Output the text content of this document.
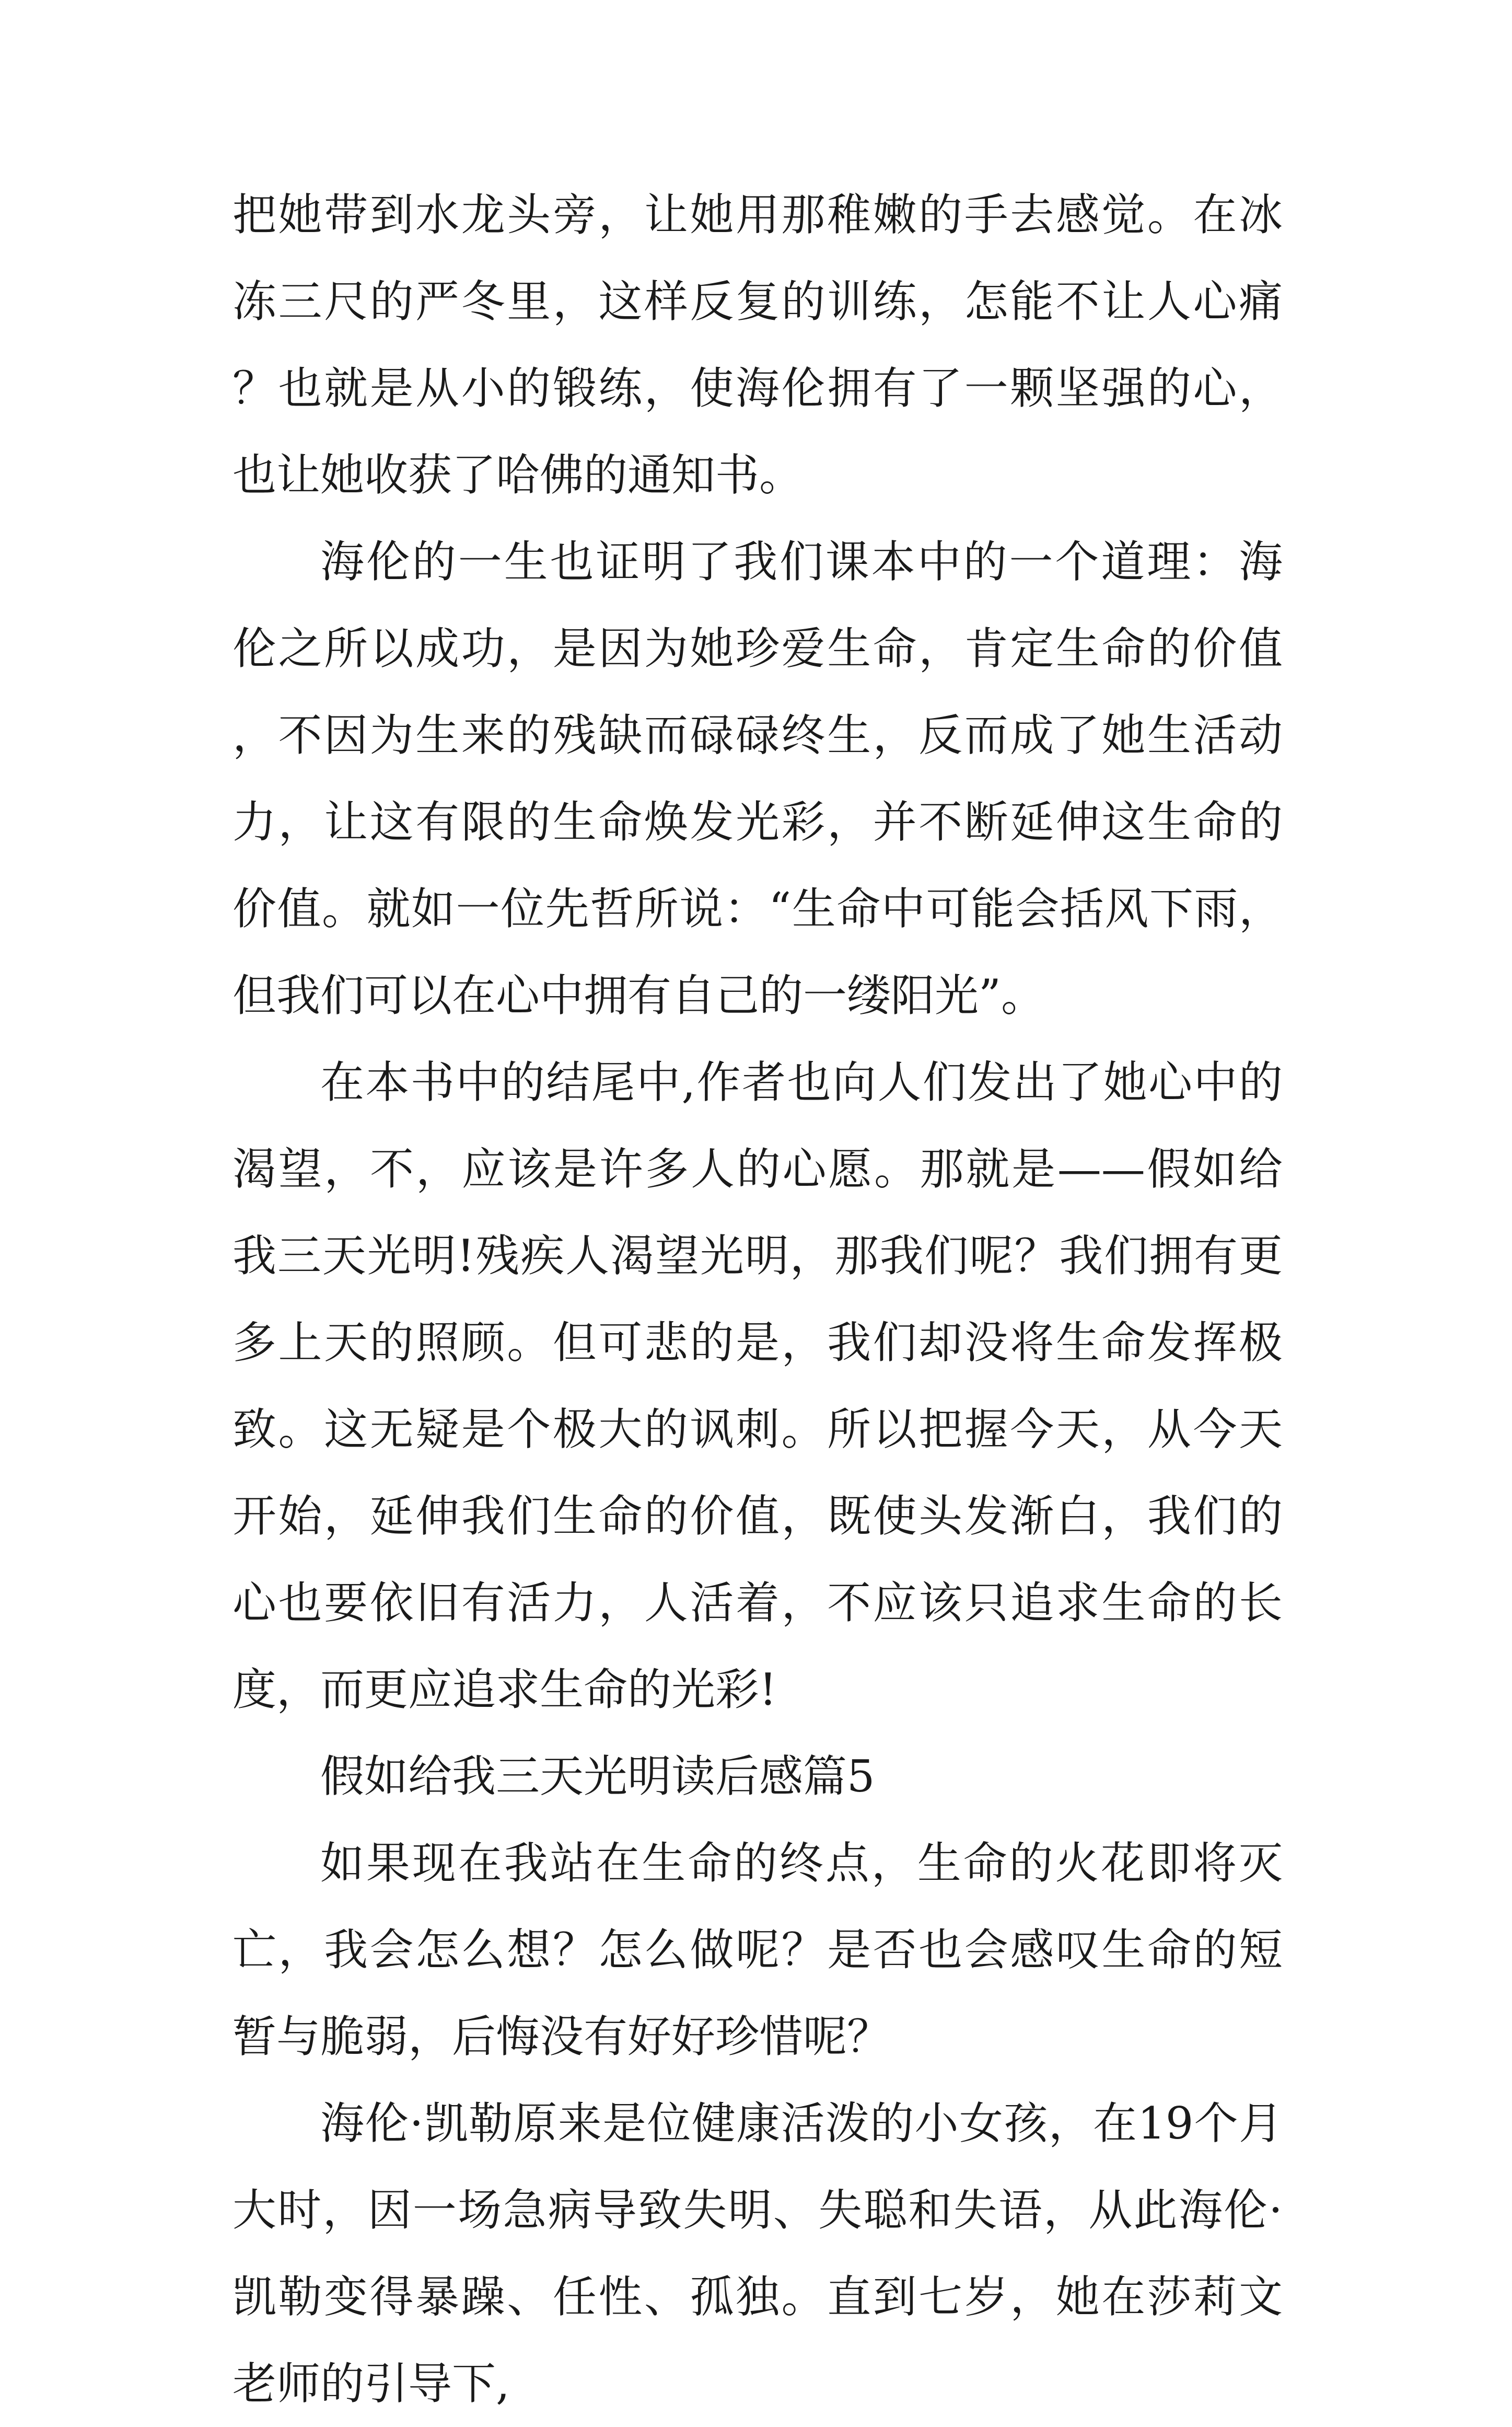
把她带到水龙头旁，让她用那稚嫩的手去感觉。在冰冻三尺的严冬里，这样反复的训练，怎能不让人心痛？也就是从小的锻练，使海伦拥有了一颗坚强的心，也让她收获了哈佛的通知书。

海伦的一生也证明了我们课本中的一个道理：海伦之所以成功，是因为她珍爱生命，肯定生命的价值，不因为生来的残缺而碌碌终生，反而成了她生活动力，让这有限的生命焕发光彩，并不断延伸这生命的价值。就如一位先哲所说：“生命中可能会括风下雨，但我们可以在心中拥有自己的一缕阳光”。

在本书中的结尾中,作者也向人们发出了她心中的渴望，不，应该是许多人的心愿。那就是——假如给我三天光明!残疾人渴望光明，那我们呢？我们拥有更多上天的照顾。但可悲的是，我们却没将生命发挥极致。这无疑是个极大的讽刺。所以把握今天，从今天开始，延伸我们生命的价值，既使头发渐白，我们的心也要依旧有活力，人活着，不应该只追求生命的长度，而更应追求生命的光彩!

假如给我三天光明读后感篇5

如果现在我站在生命的终点，生命的火花即将灭亡，我会怎么想？怎么做呢？是否也会感叹生命的短暂与脆弱，后悔没有好好珍惜呢？

海伦·凯勒原来是位健康活泼的小女孩，在19个月大时，因一场急病导致失明、失聪和失语，从此海伦·凯勒变得暴躁、任性、孤独。直到七岁，她在莎莉文老师的引导下,
